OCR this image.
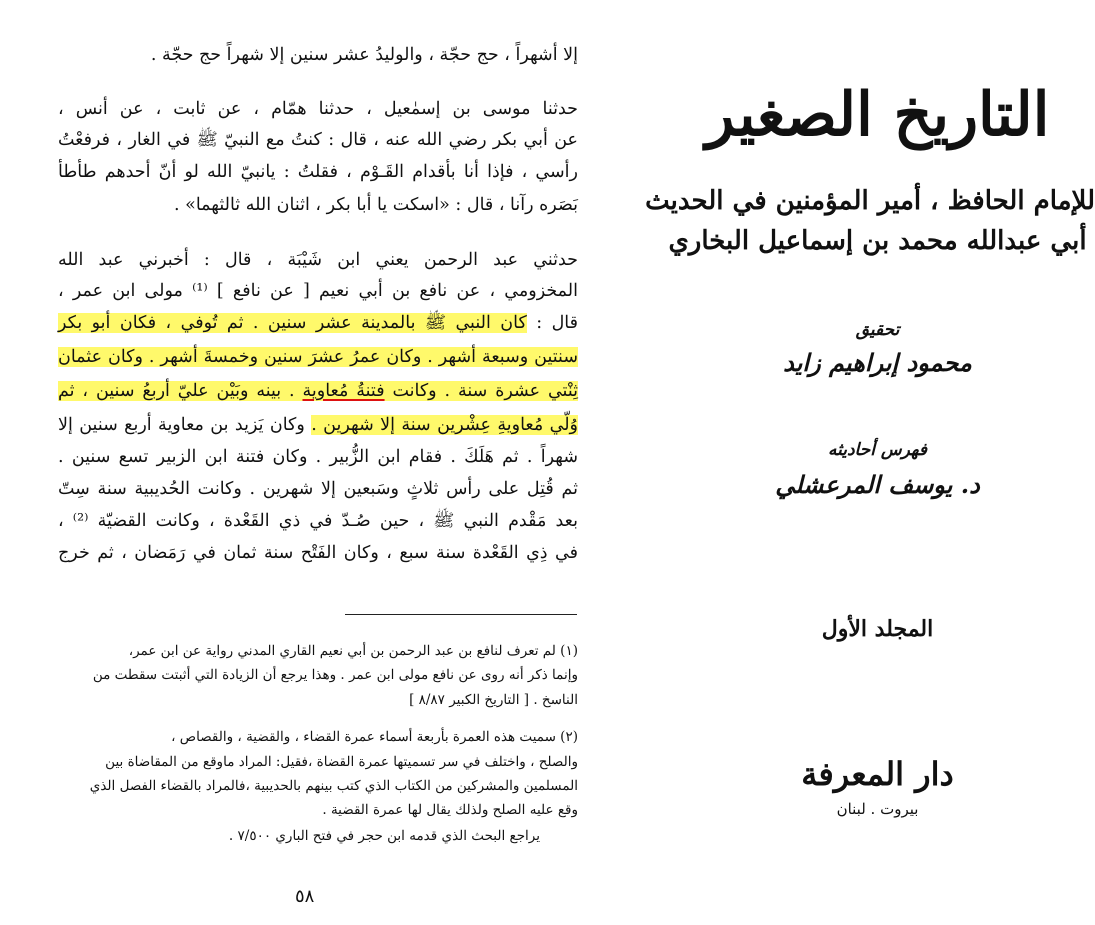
إلا أشهراً ، حج حجّة ، والوليدُ عشر سنين إلا شهراً حج حجّة .
حدثنا موسى بن إسمٰعيل ، حدثنا همّام ، عن ثابت ، عن أنس ،
عن أبي بكر رضي الله عنه ، قال : كنتُ مع النبيّ ﷺ في الغار ، فرفعْتُ
رأسي ، فإذا أنا بأقدام القَـوْم ، فقلتُ : يانبيّ الله لو أنّ أحدهم طأطأ
بَصَره رآنا ، قال : «اسكت يا أبا بكر ، اثنان الله ثالثهما» .
حدثني عبد الرحمن يعني ابن شَيْبَة ، قال : أخبرني عبد الله
المخزومي ، عن نافع بن أبي نعيم [ عن نافع ] ⁽¹⁾ مولى ابن عمر ،
قال : كان النبي ﷺ بالمدينة عشر سنين . ثم تُوفي ، فكان أبو بكر
سنتين وسبعة أشهر . وكان عمرُ عشرَ سنين وخمسةَ أشهر . وكان عثمان
ثِنْتي عشرة سنة . وكانت فتنةُ مُعاوية . بينه وبَيْن عليّ أربعُ سنين ، ثم
وُلّي مُعاويةِ عِشْرين سنة إلا شهرين . وكان يَزيد بن معاوية أربع سنين إلا
شهراً . ثم هَلَكَ . فقام ابن الزُّبير . وكان فتنة ابن الزبير تسع سنين .
ثم قُتِل على رأس ثلاثٍ وسَبعين إلا شهرين . وكانت الحُديبية سنة سِتّ
بعد مَقْدم النبي ﷺ ، حين صُـدّ في ذي القَعْدة ، وكانت القضيّة ⁽²⁾ ،
في ذِي القَعْدة سنة سبع ، وكان الفَتْح سنة ثمان في رَمَضان ، ثم خرج
(١) لم تعرف لنافع بن عبد الرحمن بن أبي نعيم القاري المدني رواية عن ابن عمر،
وإنما ذكر أنه روى عن نافع مولى ابن عمر . وهذا يرجع أن الزيادة التي أثبتت سقطت من
الناسخ . [ التاريخ الكبير ٨/٨٧ ]
(٢) سميت هذه العمرة بأربعة أسماء عمرة القضاء ، والقضية ، والقصاص ،
والصلح ، واختلف في سر تسميتها عمرة القضاة ،فقيل: المراد ماوقع من المقاضاة بين
المسلمين والمشركين من الكتاب الذي كتب بينهم بالحديبية ،فالمراد بالقضاء الفصل الذي
وقع عليه الصلح ولذلك يقال لها عمرة القضية .
يراجع البحث الذي قدمه ابن حجر في فتح الباري ٧/٥٠٠ .
٥٨
التاريخ الصغير
للإمام الحافظ ، أمير المؤمنين في الحديث
أبي عبدالله محمد بن إسماعيل البخاري
تحقيق
محمود إبراهيم زايد
فهرس أحاديثه
د. يوسف المرعشلي
المجلد الأول
دار المعرفة
بيروت . لبنان
